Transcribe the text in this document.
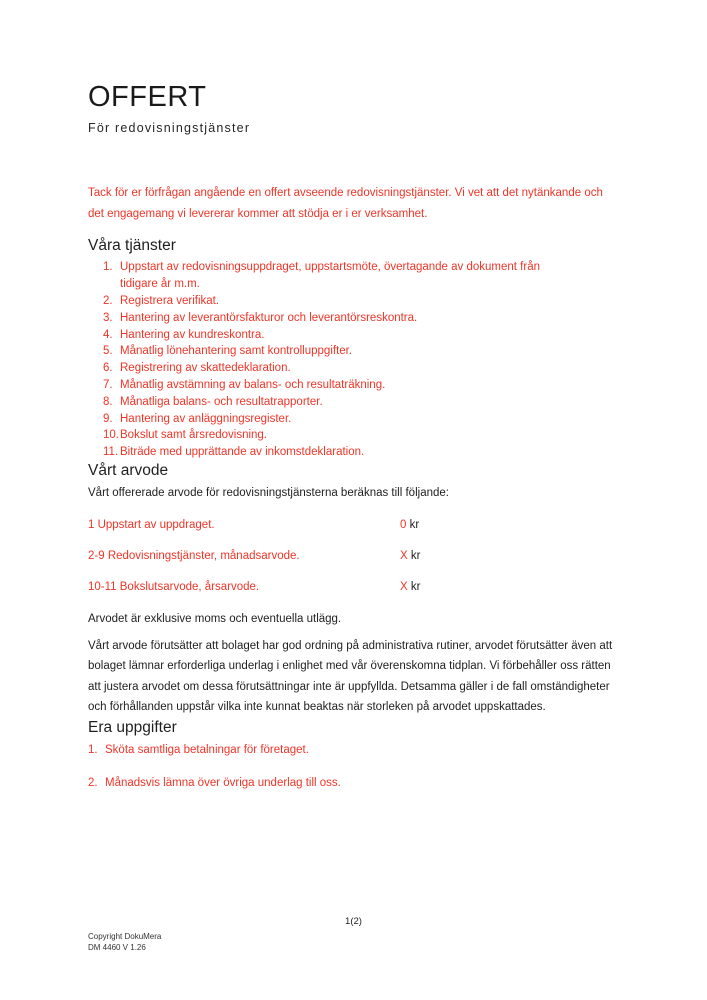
OFFERT
För redovisningstjänster

Tack för er förfrågan angående en offert avseende redovisningstjänster. Vi vet att det nytänkande och det engagemang vi levererar kommer att stödja er i er verksamhet.

Våra tjänster
1. Uppstart av redovisningsuppdraget, uppstartsmöte, övertagande av dokument från tidigare år m.m.
2. Registrera verifikat.
3. Hantering av leverantörsfakturor och leverantörsreskontra.
4. Hantering av kundreskontra.
5. Månatlig lönehantering samt kontrolluppgifter.
6. Registrering av skattedeklaration.
7. Månatlig avstämning av balans- och resultaträkning.
8. Månatliga balans- och resultatrapporter.
9. Hantering av anläggningsregister.
10. Bokslut samt årsredovisning.
11. Biträde med upprättande av inkomstdeklaration.
Vårt arvode

Vårt offererade arvode för redovisningstjänsterna beräknas till följande:

1 Uppstart av uppdraget.	0 kr
2-9 Redovisningstjänster, månadsarvode.	X kr
10-11 Bokslutsarvode, årsarvode.	X kr

Arvodet är exklusive moms och eventuella utlägg.

Vårt arvode förutsätter att bolaget har god ordning på administrativa rutiner, arvodet förutsätter även att bolaget lämnar erforderliga underlag i enlighet med vår överenskomna tidplan. Vi förbehåller oss rätten att justera arvodet om dessa förutsättningar inte är uppfyllda. Detsamma gäller i de fall omständigheter och förhållanden uppstår vilka inte kunnat beaktas när storleken på arvodet uppskattades.

Era uppgifter
1. Sköta samtliga betalningar för företaget.
2. Månadsvis lämna över övriga underlag till oss.
1(2)
Copyright DokuMera
DM 4460 V 1.26
